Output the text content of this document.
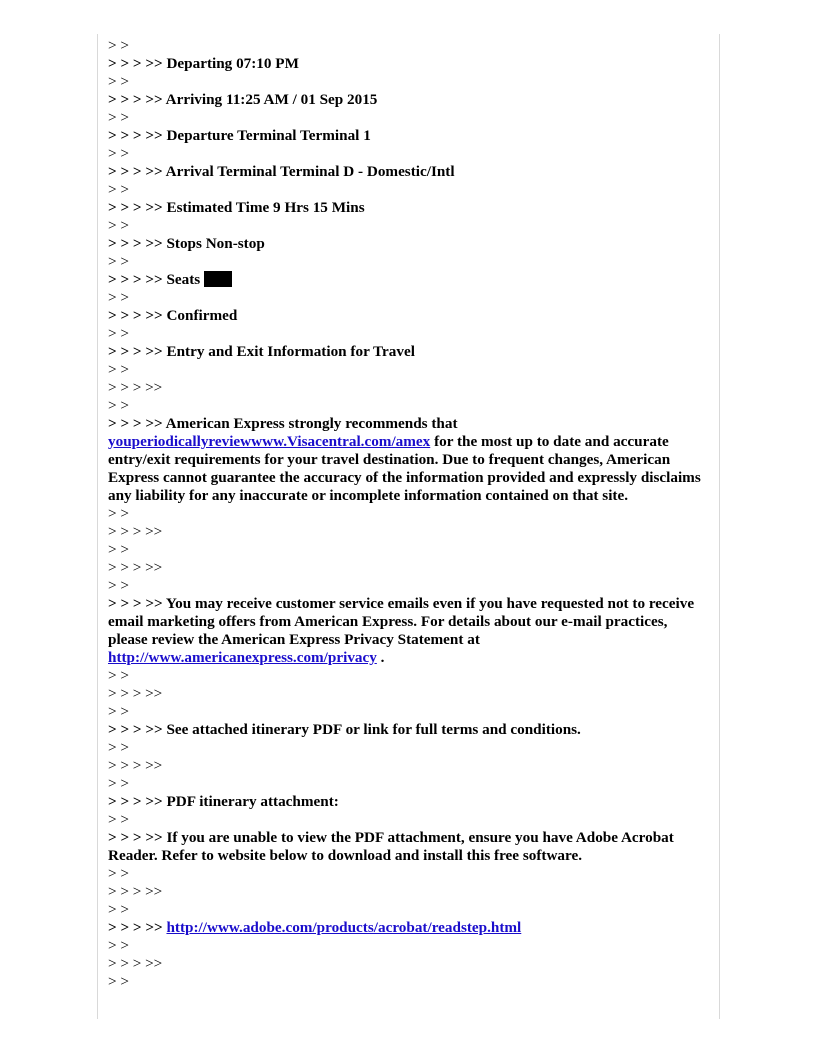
> >
> > > >> Departing 07:10 PM
> >
> > > >> Arriving 11:25 AM / 01 Sep 2015
> >
> > > >> Departure Terminal Terminal 1
> >
> > > >> Arrival Terminal Terminal D - Domestic/Intl
> >
> > > >> Estimated Time 9 Hrs 15 Mins
> >
> > > >> Stops Non-stop
> >
> > > >> Seats
> >
> > > >> Confirmed
> >
> > > >> Entry and Exit Information for Travel
> >
> > > >>
> >
> > > >> American Express strongly recommends that
youperiodicallyreviewwww.Visacentral.com/amex for the most up to date and accurate entry/exit requirements for your travel destination. Due to frequent changes, American Express cannot guarantee the accuracy of the information provided and expressly disclaims any liability for any inaccurate or incomplete information contained on that site.
> >
> > > >>
> >
> > > >>
> >
> > > >> You may receive customer service emails even if you have requested not to receive email marketing offers from American Express. For details about our e-mail practices, please review the American Express Privacy Statement at
http://www.americanexpress.com/privacy .
> >
> > > >>
> >
> > > >> See attached itinerary PDF or link for full terms and conditions.
> >
> > > >>
> >
> > > >> PDF itinerary attachment:
> >
> > > >> If you are unable to view the PDF attachment, ensure you have Adobe Acrobat Reader. Refer to website below to download and install this free software.
> >
> > > >>
> >
> > > >> http://www.adobe.com/products/acrobat/readstep.html
> >
> > > >>
> >
